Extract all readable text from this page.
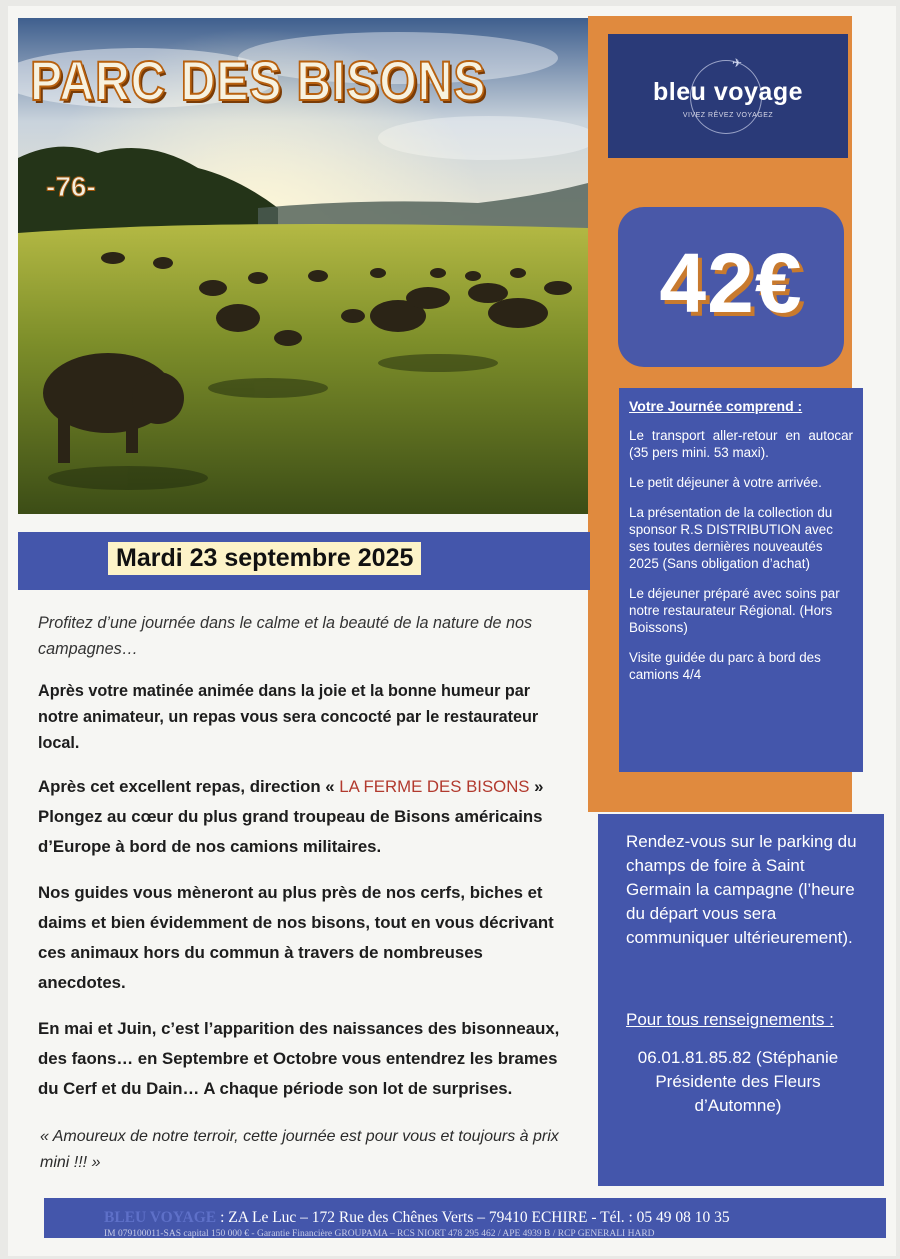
PARC DES BISONS
-76-
✈
bleu voyage
VIVEZ RÊVEZ VOYAGEZ
42€
Votre Journée comprend :
Le transport aller-retour en autocar (35 pers mini. 53 maxi).
Le petit déjeuner à votre arrivée.
La présentation de la collection du sponsor R.S DISTRIBUTION avec ses toutes dernières nouveautés 2025 (Sans obligation d’achat)
Le déjeuner préparé avec soins par notre restaurateur Régional. (Hors Boissons)
Visite guidée du parc à bord des camions 4/4
Rendez-vous sur le parking du champs de foire à Saint Germain la campagne (l’heure du départ vous sera communiquer ultérieurement).
Pour tous renseignements :
06.01.81.85.82 (Stéphanie Présidente des Fleurs d’Automne)
Mardi 23 septembre 2025
Profitez d’une journée dans le calme et la beauté de la nature de nos campagnes…
Après votre matinée animée dans la joie et la bonne humeur par notre animateur, un repas vous sera concocté par le restaurateur local.
Après cet excellent repas, direction « LA FERME DES BISONS »
Plongez au cœur du plus grand troupeau de Bisons américains d’Europe à bord de nos camions militaires.
Nos guides vous mèneront au plus près de nos cerfs, biches et daims et bien évidemment de nos bisons, tout en vous décrivant ces animaux hors du commun à travers de nombreuses anecdotes.
En mai et Juin, c’est l’apparition des naissances des bisonneaux, des faons… en Septembre et Octobre vous entendrez les brames du Cerf et du Dain… A chaque période son lot de surprises.
« Amoureux de notre terroir, cette journée est pour vous et toujours à prix mini !!! »
BLEU VOYAGE : ZA Le Luc – 172 Rue des Chênes Verts – 79410 ECHIRE - Tél. : 05 49 08 10 35
IM 079100011-SAS capital 150 000 € - Garantie Financière GROUPAMA – RCS NIORT 478 295 462 / APE 4939 B / RCP GENERALI HARD
